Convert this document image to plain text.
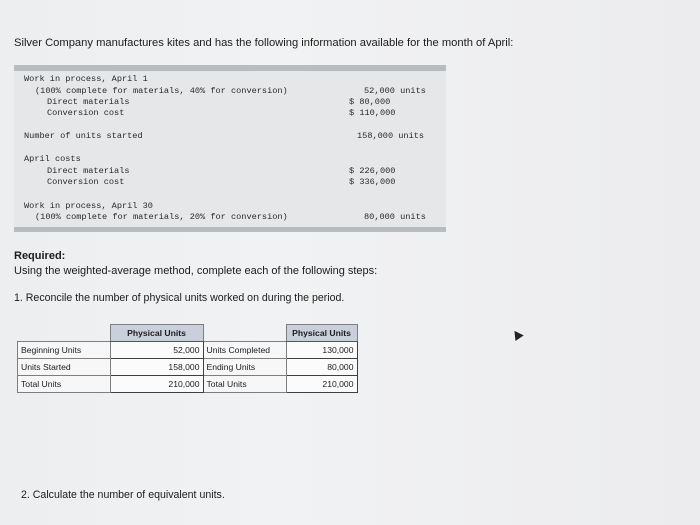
Silver Company manufactures kites and has the following information available for the month of April:
Work in process, April 1
(100% complete for materials, 40% for conversion)	52,000 units
Direct materials	$ 80,000
Conversion cost	$ 110,000
Number of units started	158,000 units
April costs
Direct materials	$ 226,000
Conversion cost	$ 336,000
Work in process, April 30
(100% complete for materials, 20% for conversion)	80,000 units
Required:
Using the weighted-average method, complete each of the following steps:
1. Reconcile the number of physical units worked on during the period.
	Physical Units		Physical Units
Beginning Units	52,000	Units Completed	130,000
Units Started	158,000	Ending Units	80,000
Total Units	210,000	Total Units	210,000
2. Calculate the number of equivalent units.
